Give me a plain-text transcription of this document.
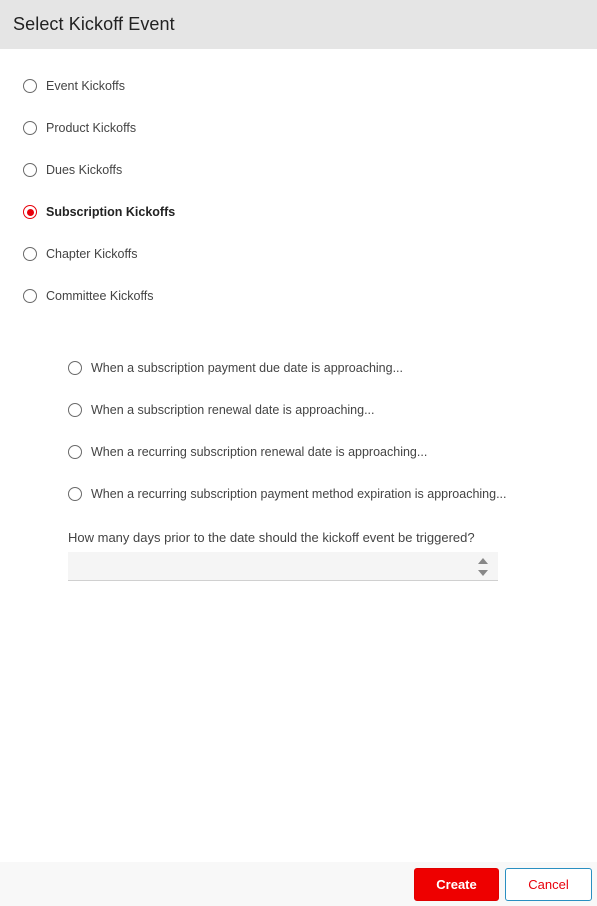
Select Kickoff Event
Event Kickoffs
Product Kickoffs
Dues Kickoffs
Subscription Kickoffs
Chapter Kickoffs
Committee Kickoffs
When a subscription payment due date is approaching...
When a subscription renewal date is approaching...
When a recurring subscription renewal date is approaching...
When a recurring subscription payment method expiration is approaching...
How many days prior to the date should the kickoff event be triggered?
Create	Cancel
